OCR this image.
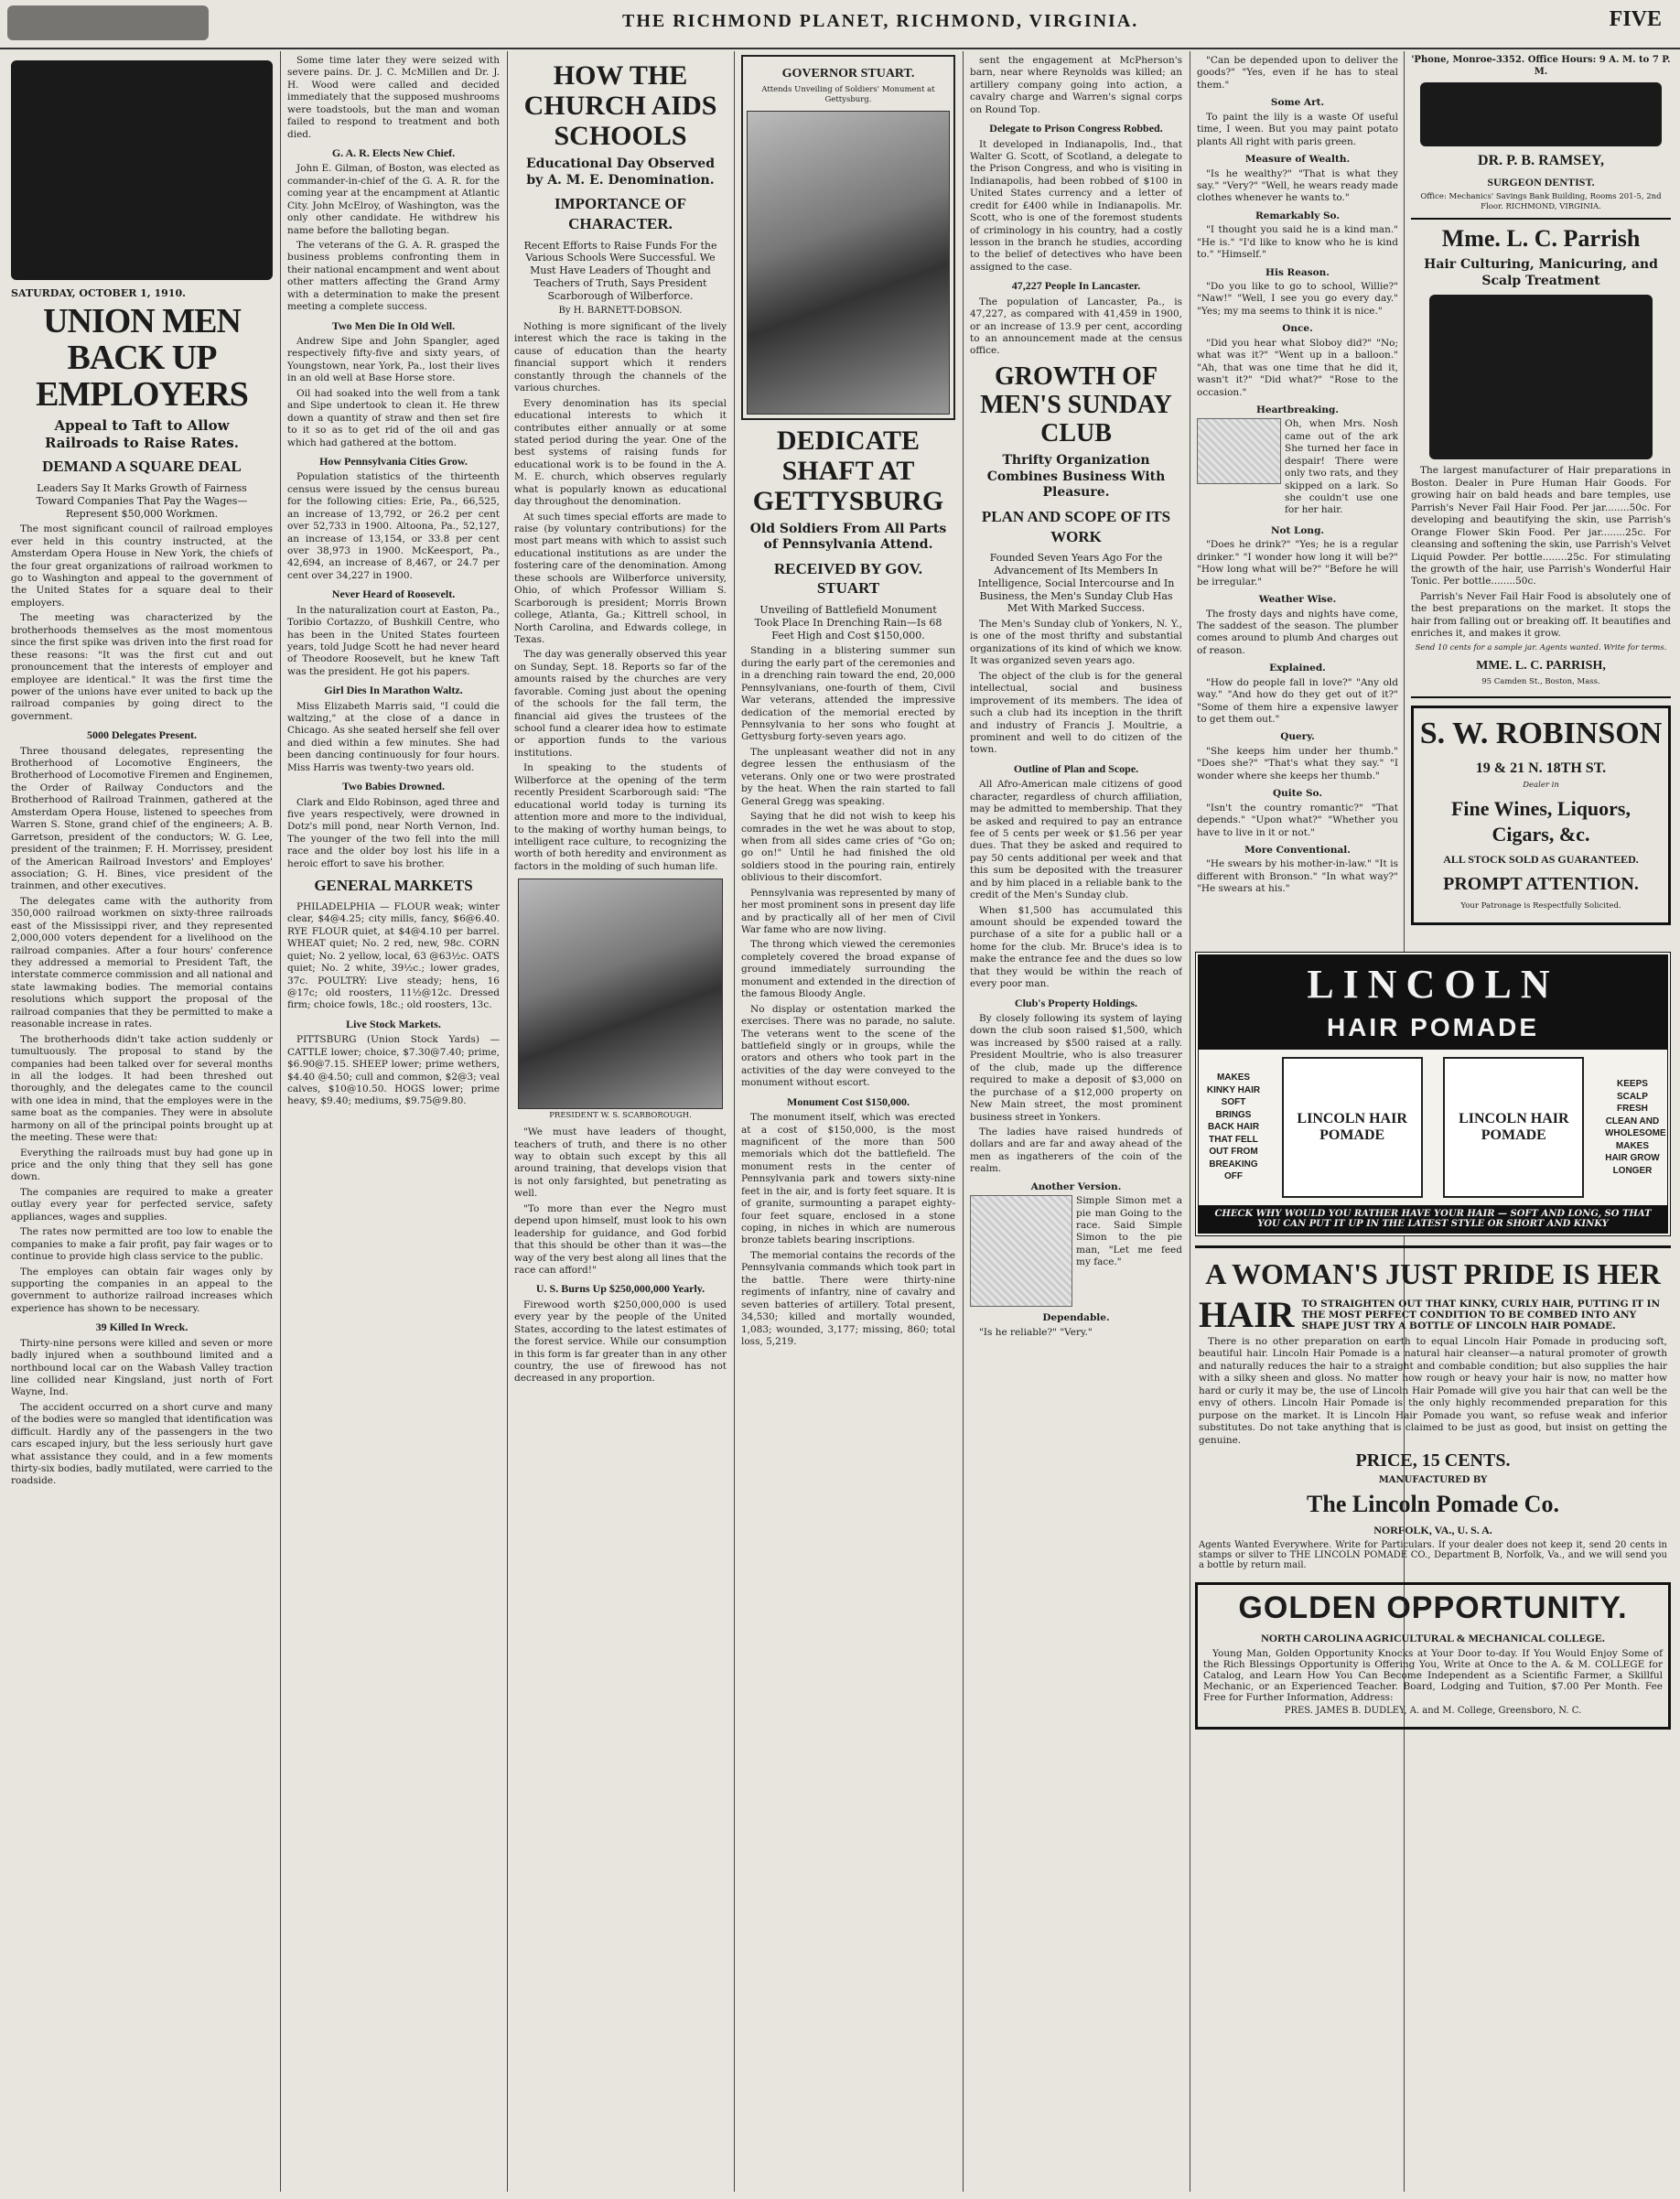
THE RICHMOND PLANET, RICHMOND, VIRGINIA.	FIVE
SATURDAY, OCTOBER 1, 1910.
UNION MEN BACK UP EMPLOYERS
Appeal to Taft to Allow Railroads to Raise Rates.
DEMAND A SQUARE DEAL
Leaders Say It Marks Growth of Fairness Toward Companies That Pay the Wages—Represent $50,000 Workmen.

The most significant council of railroad employes ever held in this country instructed, at the Amsterdam Opera House in New York, the chiefs of the four great organizations of railroad workmen to go to Washington and appeal to the government of the United States for a square deal to their employers.

The meeting was characterized by the brotherhoods themselves as the most momentous since the first spike was driven into the first road for these reasons: "It was the first cut and out pronouncement that the interests of employer and employee are identical." It was the first time the power of the unions have ever united to back up the railroad companies by going direct to the government.

5000 Delegates Present.

Three thousand delegates, representing the Brotherhood of Locomotive Engineers, the Brotherhood of Locomotive Firemen and Enginemen, the Order of Railway Conductors and the Brotherhood of Railroad Trainmen, gathered at the Amsterdam Opera House, listened to speeches from Warren S. Stone, grand chief of the engineers; A. B. Garretson, president of the conductors; W. G. Lee, president of the trainmen; F. H. Morrissey, president of the American Railroad Investors' and Employes' association; G. H. Bines, vice president of the trainmen, and other executives.

The delegates came with the authority from 350,000 railroad workmen on sixty-three railroads east of the Mississippi river, and they represented 2,000,000 voters dependent for a livelihood on the railroad companies. After a four hours' conference they addressed a memorial to President Taft, the interstate commerce commission and all national and state lawmaking bodies. The memorial contains resolutions which support the proposal of the railroad companies that they be permitted to make a reasonable increase in rates.

The brotherhoods didn't take action suddenly or tumultuously. The proposal to stand by the companies had been talked over for several months in all the lodges. It had been threshed out thoroughly, and the delegates came to the council with one idea in mind, that the employes were in the same boat as the companies. They were in absolute harmony on all of the principal points brought up at the meeting. These were that:

Everything the railroads must buy had gone up in price and the only thing that they sell has gone down.

The companies are required to make a greater outlay every year for perfected service, safety appliances, wages and supplies.

The rates now permitted are too low to enable the companies to make a fair profit, pay fair wages or to continue to provide high class service to the public.

The employes can obtain fair wages only by supporting the companies in an appeal to the government to authorize railroad increases which experience has shown to be necessary.

39 Killed In Wreck.

Thirty-nine persons were killed and seven or more badly injured when a southbound limited and a northbound local car on the Wabash Valley traction line collided near Kingsland, just north of Fort Wayne, Ind.

The accident occurred on a short curve and many of the bodies were so mangled that identification was difficult. Hardly any of the passengers in the two cars escaped injury, but the less seriously hurt gave what assistance they could, and in a few moments thirty-six bodies, badly mutilated, were carried to the roadside.

Some time later they were seized with severe pains. Dr. J. C. McMillen and Dr. J. H. Wood were called and decided immediately that the supposed mushrooms were toadstools, but the man and woman failed to respond to treatment and both died.

G. A. R. Elects New Chief.

John E. Gilman, of Boston, was elected as commander-in-chief of the G. A. R. for the coming year at the encampment at Atlantic City. John McElroy, of Washington, was the only other candidate. He withdrew his name before the balloting began.

The veterans of the G. A. R. grasped the business problems confronting them in their national encampment and went about other matters affecting the Grand Army with a determination to make the present meeting a complete success.

Two Men Die In Old Well.

Andrew Sipe and John Spangler, aged respectively fifty-five and sixty years, of Youngstown, near York, Pa., lost their lives in an old well at Base Horse store.

Oil had soaked into the well from a tank and Sipe undertook to clean it. He threw down a quantity of straw and then set fire to it so as to get rid of the oil and gas which had gathered at the bottom.

How Pennsylvania Cities Grow.

Population statistics of the thirteenth census were issued by the census bureau for the following cities: Erie, Pa., 66,525, an increase of 13,792, or 26.2 per cent over 52,733 in 1900. Altoona, Pa., 52,127, an increase of 13,154, or 33.8 per cent over 38,973 in 1900. McKeesport, Pa., 42,694, an increase of 8,467, or 24.7 per cent over 34,227 in 1900.

Never Heard of Roosevelt.

In the naturalization court at Easton, Pa., Toribio Cortazzo, of Bushkill Centre, who has been in the United States fourteen years, told Judge Scott he had never heard of Theodore Roosevelt, but he knew Taft was the president. He got his papers.

Girl Dies In Marathon Waltz.

Miss Elizabeth Marris said, "I could die waltzing," at the close of a dance in Chicago. As she seated herself she fell over and died within a few minutes. She had been dancing continuously for four hours. Miss Harris was twenty-two years old.

Two Babies Drowned.

Clark and Eldo Robinson, aged three and five years respectively, were drowned in Dotz's mill pond, near North Vernon, Ind. The younger of the two fell into the mill race and the older boy lost his life in a heroic effort to save his brother.

GENERAL MARKETS

PHILADELPHIA — FLOUR weak; winter clear, $4@4.25; city mills, fancy, $6@6.40. RYE FLOUR quiet, at $4@4.10 per barrel. WHEAT quiet; No. 2 red, new, 98c. CORN quiet; No. 2 yellow, local, 63 @63½c. OATS quiet; No. 2 white, 39½c.; lower grades, 37c. POULTRY: Live steady; hens, 16 @17c; old roosters, 11½@12c. Dressed firm; choice fowls, 18c.; old roosters, 13c.

Live Stock Markets.

PITTSBURG (Union Stock Yards) — CATTLE lower; choice, $7.30@7.40; prime, $6.90@7.15. SHEEP lower; prime wethers, $4.40 @4.50; cull and common, $2@3; veal calves, $10@10.50. HOGS lower; prime heavy, $9.40; mediums, $9.75@9.80.

HOW THE CHURCH AIDS SCHOOLS
Educational Day Observed by A. M. E. Denomination.
IMPORTANCE OF CHARACTER.
Recent Efforts to Raise Funds For the Various Schools Were Successful. We Must Have Leaders of Thought and Teachers of Truth, Says President Scarborough of Wilberforce.
By H. BARNETT-DOBSON.

Nothing is more significant of the lively interest which the race is taking in the cause of education than the hearty financial support which it renders constantly through the channels of the various churches.

Every denomination has its special educational interests to which it contributes either annually or at some stated period during the year. One of the best systems of raising funds for educational work is to be found in the A. M. E. church, which observes regularly what is popularly known as educational day throughout the denomination.

At such times special efforts are made to raise (by voluntary contributions) for the most part means with which to assist such educational institutions as are under the fostering care of the denomination. Among these schools are Wilberforce university, Ohio, of which Professor William S. Scarborough is president; Morris Brown college, Atlanta, Ga.; Kittrell school, in North Carolina, and Edwards college, in Texas.

The day was generally observed this year on Sunday, Sept. 18. Reports so far of the amounts raised by the churches are very favorable. Coming just about the opening of the schools for the fall term, the financial aid gives the trustees of the school fund a clearer idea how to estimate or apportion funds to the various institutions.

In speaking to the students of Wilberforce at the opening of the term recently President Scarborough said: "The educational world today is turning its attention more and more to the individual, to the making of worthy human beings, to intelligent race culture, to recognizing the worth of both heredity and environment as factors in the molding of such human life.

PRESIDENT W. S. SCARBOROUGH.

"We must have leaders of thought, teachers of truth, and there is no other way to obtain such except by this all around training, that develops vision that is not only farsighted, but penetrating as well.

"To more than ever the Negro must depend upon himself, must look to his own leadership for guidance, and God forbid that this should be other than it was—the way of the very best along all lines that the race can afford!"

U. S. Burns Up $250,000,000 Yearly.

Firewood worth $250,000,000 is used every year by the people of the United States, according to the latest estimates of the forest service. While our consumption in this form is far greater than in any other country, the use of firewood has not decreased in any proportion.

GOVERNOR STUART.
Attends Unveiling of Soldiers' Monument at Gettysburg.
DEDICATE SHAFT AT GETTYSBURG
Old Soldiers From All Parts of Pennsylvania Attend.
RECEIVED BY GOV. STUART
Unveiling of Battlefield Monument Took Place In Drenching Rain—Is 68 Feet High and Cost $150,000.

Standing in a blistering summer sun during the early part of the ceremonies and in a drenching rain toward the end, 20,000 Pennsylvanians, one-fourth of them, Civil War veterans, attended the impressive dedication of the memorial erected by Pennsylvania to her sons who fought at Gettysburg forty-seven years ago.

The unpleasant weather did not in any degree lessen the enthusiasm of the veterans. Only one or two were prostrated by the heat. When the rain started to fall General Gregg was speaking.

Saying that he did not wish to keep his comrades in the wet he was about to stop, when from all sides came cries of "Go on; go on!" Until he had finished the old soldiers stood in the pouring rain, entirely oblivious to their discomfort.

Pennsylvania was represented by many of her most prominent sons in present day life and by practically all of her men of Civil War fame who are now living.

The throng which viewed the ceremonies completely covered the broad expanse of ground immediately surrounding the monument and extended in the direction of the famous Bloody Angle.

No display or ostentation marked the exercises. There was no parade, no salute. The veterans went to the scene of the battlefield singly or in groups, while the orators and others who took part in the activities of the day were conveyed to the monument without escort.

Monument Cost $150,000.

The monument itself, which was erected at a cost of $150,000, is the most magnificent of the more than 500 memorials which dot the battlefield. The monument rests in the center of Pennsylvania park and towers sixty-nine feet in the air, and is forty feet square. It is of granite, surmounting a parapet eighty-four feet square, enclosed in a stone coping, in niches in which are numerous bronze tablets bearing inscriptions.

The memorial contains the records of the Pennsylvania commands which took part in the battle. There were thirty-nine regiments of infantry, nine of cavalry and seven batteries of artillery. Total present, 34,530; killed and mortally wounded, 1,083; wounded, 3,177; missing, 860; total loss, 5,219.

sent the engagement at McPherson's barn, near where Reynolds was killed; an artillery company going into action, a cavalry charge and Warren's signal corps on Round Top.

Delegate to Prison Congress Robbed.

It developed in Indianapolis, Ind., that Walter G. Scott, of Scotland, a delegate to the Prison Congress, and who is visiting in Indianapolis, had been robbed of $100 in United States currency and a letter of credit for £400 while in Indianapolis. Mr. Scott, who is one of the foremost students of criminology in his country, had a costly lesson in the branch he studies, according to the belief of detectives who have been assigned to the case.

47,227 People In Lancaster.

The population of Lancaster, Pa., is 47,227, as compared with 41,459 in 1900, or an increase of 13.9 per cent, according to an announcement made at the census office.

GROWTH OF MEN'S SUNDAY CLUB
Thrifty Organization Combines Business With Pleasure.
PLAN AND SCOPE OF ITS WORK
Founded Seven Years Ago For the Advancement of Its Members In Intelligence, Social Intercourse and In Business, the Men's Sunday Club Has Met With Marked Success.

The Men's Sunday club of Yonkers, N. Y., is one of the most thrifty and substantial organizations of its kind of which we know. It was organized seven years ago.

The object of the club is for the general intellectual, social and business improvement of its members. The idea of such a club had its inception in the thrift and industry of Francis J. Moultrie, a prominent and well to do citizen of the town.

Outline of Plan and Scope.

All Afro-American male citizens of good character, regardless of church affiliation, may be admitted to membership. That they be asked and required to pay an entrance fee of 5 cents per week or $1.56 per year dues. That they be asked and required to pay 50 cents additional per week and that this sum be deposited with the treasurer and by him placed in a reliable bank to the credit of the Men's Sunday club.

When $1,500 has accumulated this amount should be expended toward the purchase of a site for a public hall or a home for the club. Mr. Bruce's idea is to make the entrance fee and the dues so low that they would be within the reach of every poor man.

Club's Property Holdings.

By closely following its system of laying down the club soon raised $1,500, which was increased by $500 raised at a rally. President Moultrie, who is also treasurer of the club, made up the difference required to make a deposit of $3,000 on the purchase of a $12,000 property on New Main street, the most prominent business street in Yonkers.

The ladies have raised hundreds of dollars and are far and away ahead of the men as ingatherers of the coin of the realm.

Another Version.

Simple Simon met a pie man Going to the race. Said Simple Simon to the pie man, "Let me feed my face."

Dependable.

"Is he reliable?" "Very."

"Can be depended upon to deliver the goods?" "Yes, even if he has to steal them."

Some Art.

To paint the lily is a waste Of useful time, I ween. But you may paint potato plants All right with paris green.

Measure of Wealth.

"Is he wealthy?" "That is what they say." "Very?" "Well, he wears ready made clothes whenever he wants to."

Remarkably So.

"I thought you said he is a kind man." "He is." "I'd like to know who he is kind to." "Himself."

His Reason.

"Do you like to go to school, Willie?" "Naw!" "Well, I see you go every day." "Yes; my ma seems to think it is nice."

Once.

"Did you hear what Sloboy did?" "No; what was it?" "Went up in a balloon." "Ah, that was one time that he did it, wasn't it?" "Did what?" "Rose to the occasion."

Heartbreaking.

Oh, when Mrs. Nosh came out of the ark She turned her face in despair! There were only two rats, and they skipped on a lark. So she couldn't use one for her hair.

Not Long.

"Does he drink?" "Yes; he is a regular drinker." "I wonder how long it will be?" "How long what will be?" "Before he will be irregular."

Weather Wise.

The frosty days and nights have come, The saddest of the season. The plumber comes around to plumb And charges out of reason.

Explained.

"How do people fall in love?" "Any old way." "And how do they get out of it?" "Some of them hire a expensive lawyer to get them out."

Query.

"She keeps him under her thumb." "Does she?" "That's what they say." "I wonder where she keeps her thumb."

Quite So.

"Isn't the country romantic?" "That depends." "Upon what?" "Whether you have to live in it or not."

More Conventional.

"He swears by his mother-in-law." "It is different with Bronson." "In what way?" "He swears at his."

'Phone, Monroe-3352. Office Hours: 9 A. M. to 7 P. M.
DR. P. B. RAMSEY,
SURGEON DENTIST.
Office: Mechanics' Savings Bank Building, Rooms 201-5, 2nd Floor. RICHMOND, VIRGINIA.
Mme. L. C. Parrish
Hair Culturing, Manicuring, and Scalp Treatment

The largest manufacturer of Hair preparations in Boston. Dealer in Pure Human Hair Goods. For growing hair on bald heads and bare temples, use Parrish's Never Fail Hair Food. Per jar........50c. For developing and beautifying the skin, use Parrish's Orange Flower Skin Food. Per jar........25c. For cleansing and softening the skin, use Parrish's Velvet Liquid Powder. Per bottle........25c. For stimulating the growth of the hair, use Parrish's Wonderful Hair Tonic. Per bottle........50c.

Parrish's Never Fail Hair Food is absolutely one of the best preparations on the market. It stops the hair from falling out or breaking off. It beautifies and enriches it, and makes it grow.

Send 10 cents for a sample jar. Agents wanted. Write for terms.
MME. L. C. PARRISH,
95 Camden St., Boston, Mass.
S. W. ROBINSON
19 & 21 N. 18TH ST.
Dealer in
Fine Wines, Liquors, Cigars, &c.
ALL STOCK SOLD AS GUARANTEED.
PROMPT ATTENTION.
Your Patronage is Respectfully Solicited.
LINCOLN
HAIR POMADE
MAKES KINKY HAIR SOFT BRINGS BACK HAIR THAT FELL OUT FROM BREAKING OFF
LINCOLN HAIR POMADE
LINCOLN HAIR POMADE
KEEPS SCALP FRESH CLEAN AND WHOLESOME MAKES HAIR GROW LONGER
CHECK WHY WOULD YOU RATHER HAVE YOUR HAIR — SOFT AND LONG, SO THAT YOU CAN PUT IT UP IN THE LATEST STYLE OR SHORT AND KINKY
A WOMAN'S JUST PRIDE IS HER
HAIR TO STRAIGHTEN OUT THAT KINKY, CURLY HAIR, PUTTING IT IN THE MOST PERFECT CONDITION TO BE COMBED INTO ANY SHAPE JUST TRY A BOTTLE OF LINCOLN HAIR POMADE.

There is no other preparation on earth to equal Lincoln Hair Pomade in producing soft, beautiful hair. Lincoln Hair Pomade is a natural hair cleanser—a natural promoter of growth and naturally reduces the hair to a straight and combable condition; but also supplies the hair with a silky sheen and gloss. No matter how rough or heavy your hair is now, no matter how hard or curly it may be, the use of Lincoln Hair Pomade will give you hair that can well be the envy of others. Lincoln Hair Pomade is the only highly recommended preparation for this purpose on the market. It is Lincoln Hair Pomade you want, so refuse weak and inferior substitutes. Do not take anything that is claimed to be just as good, but insist on getting the genuine.

PRICE, 15 CENTS.
MANUFACTURED BY
The Lincoln Pomade Co.
NORFOLK, VA., U. S. A.

Agents Wanted Everywhere. Write for Particulars. If your dealer does not keep it, send 20 cents in stamps or silver to THE LINCOLN POMADE CO., Department B, Norfolk, Va., and we will send you a bottle by return mail.

GOLDEN OPPORTUNITY.
NORTH CAROLINA AGRICULTURAL & MECHANICAL COLLEGE.

Young Man, Golden Opportunity Knocks at Your Door to-day. If You Would Enjoy Some of the Rich Blessings Opportunity is Offering You, Write at Once to the A. & M. COLLEGE for Catalog, and Learn How You Can Become Independent as a Scientific Farmer, a Skillful Mechanic, or an Experienced Teacher. Board, Lodging and Tuition, $7.00 Per Month. Fee Free for Further Information, Address:

PRES. JAMES B. DUDLEY, A. and M. College, Greensboro, N. C.
